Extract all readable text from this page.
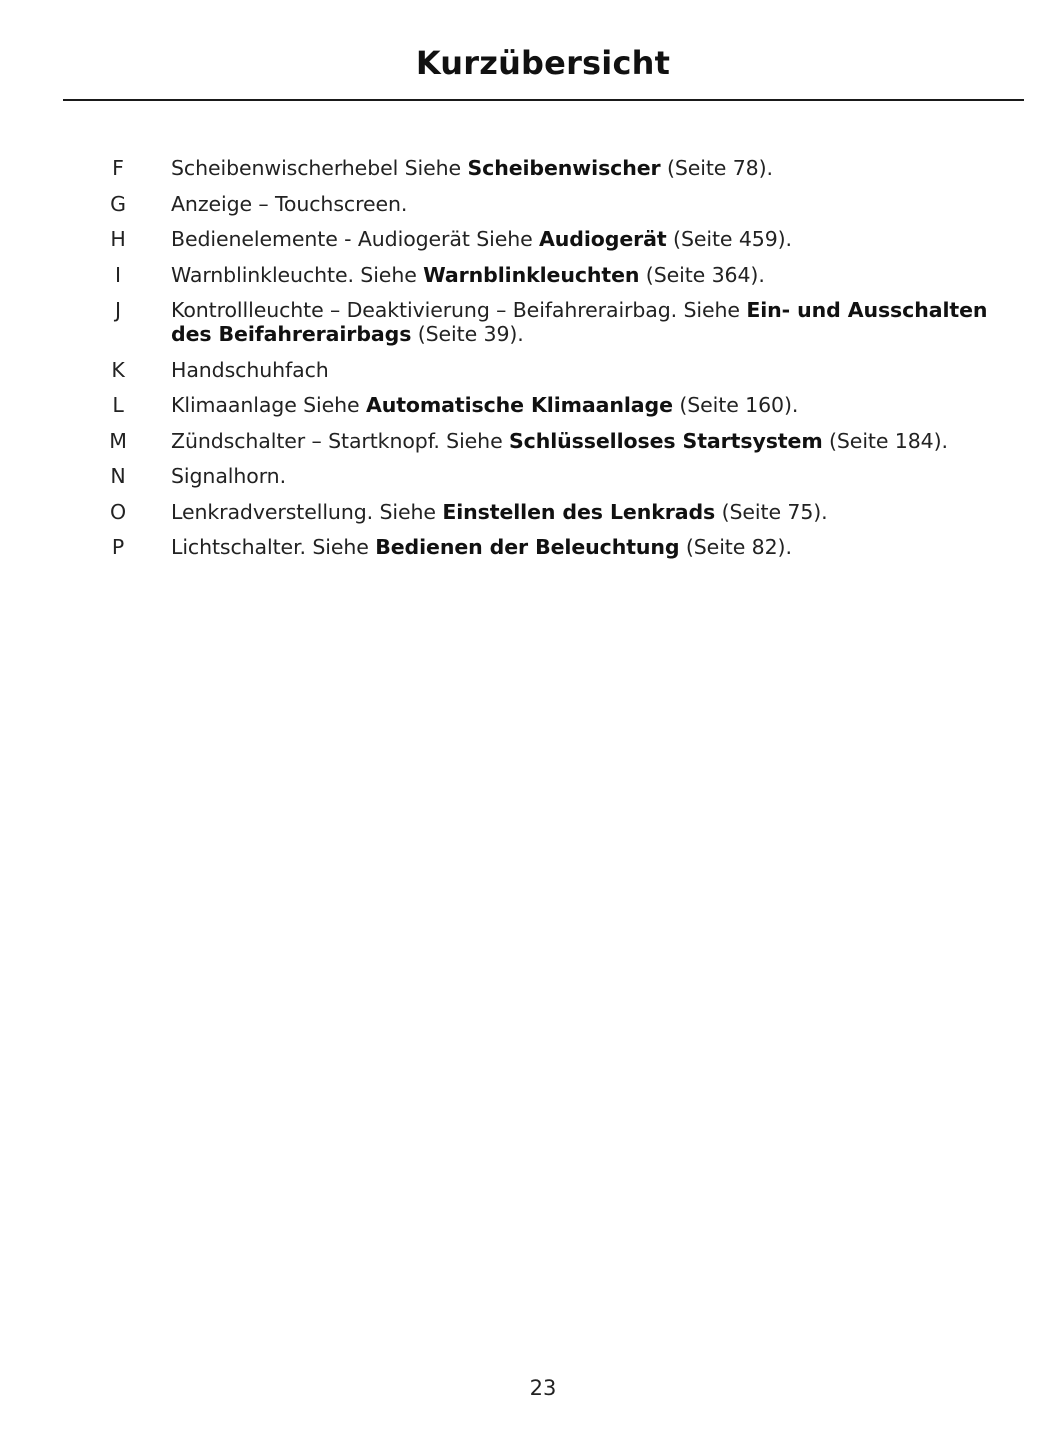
Kurzübersicht
F Scheibenwischerhebel Siehe Scheibenwischer (Seite 78).
G Anzeige – Touchscreen.
H Bedienelemente - Audiogerät Siehe Audiogerät (Seite 459).
I	Warnblinkleuchte. Siehe Warnblinkleuchten (Seite 364).
J	Kontrollleuchte – Deaktivierung – Beifahrerairbag. Siehe Ein- und Ausschalten des Beifahrerairbags (Seite 39).
K Handschuhfach
L Klimaanlage Siehe Automatische Klimaanlage (Seite 160).
M Zündschalter – Startknopf. Siehe Schlüsselloses Startsystem (Seite 184).
N Signalhorn.
O Lenkradverstellung. Siehe Einstellen des Lenkrads (Seite 75).
P Lichtschalter. Siehe Bedienen der Beleuchtung (Seite 82).
23
